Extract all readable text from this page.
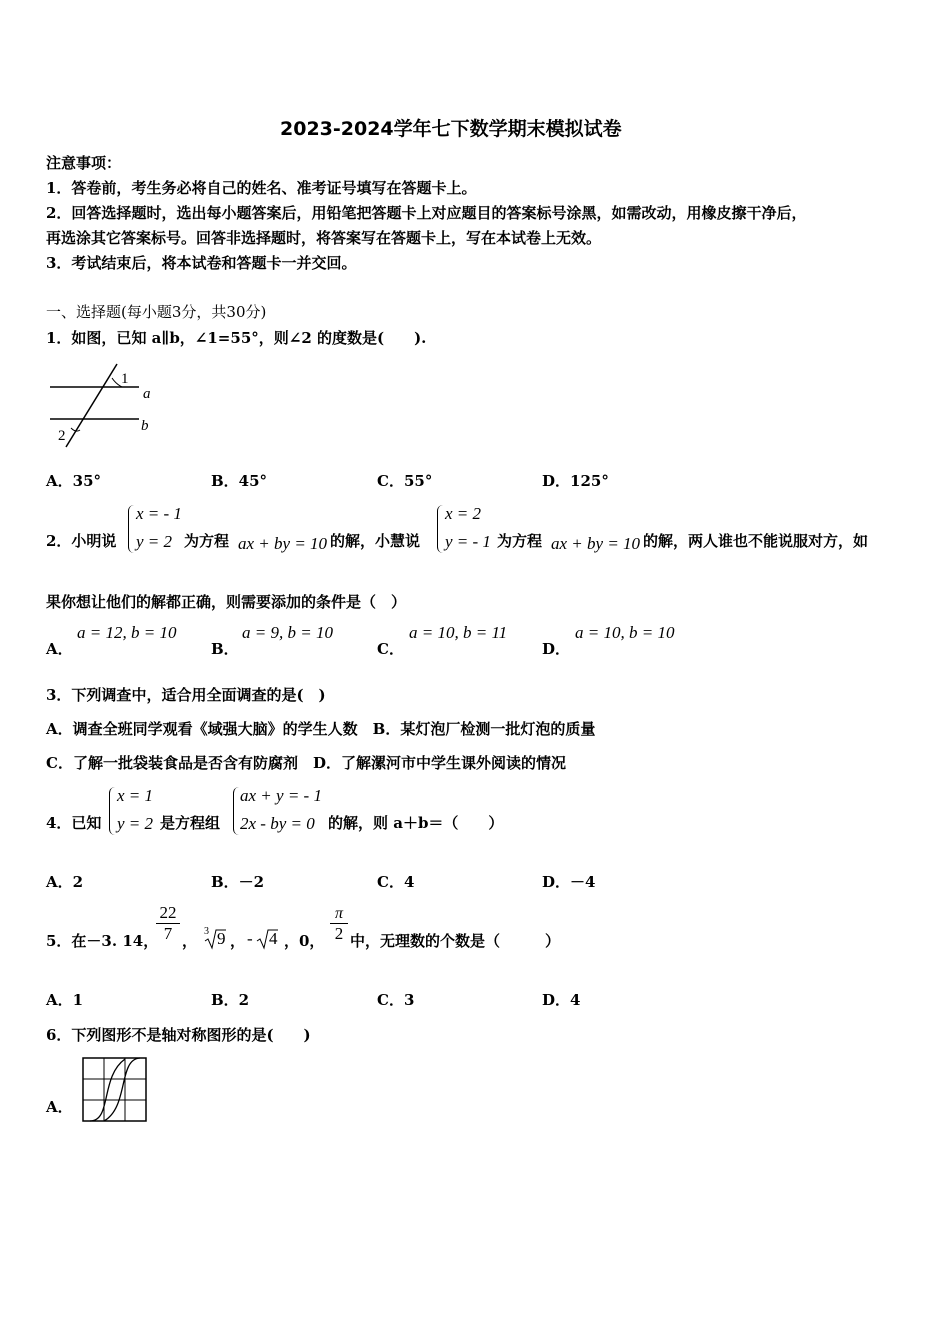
2023-2024学年七下数学期末模拟试卷
注意事项：
1．答卷前，考生务必将自己的姓名、准考证号填写在答题卡上。
2．回答选择题时，选出每小题答案后，用铅笔把答题卡上对应题目的答案标号涂黑，如需改动，用橡皮擦干净后，
再选涂其它答案标号。回答非选择题时，将答案写在答题卡上，写在本试卷上无效。
3．考试结束后，将本试卷和答题卡一并交回。
一、选择题(每小题3分，共30分)
1．如图，已知 a∥b，∠1=55°，则∠2 的度数是(　　).
1
2
a
b
A．35°	B．45°	C．55°	D．125°
2．小明说
x = - 1
y = 2 为方程 ax + by = 10 的解，小慧说
x = 2
y = - 1 为方程 ax + by = 10 的解，两人谁也不能说服对方，如
果你想让他们的解都正确，则需要添加的条件是（　）
A．
a = 12, b = 10
B．
a = 9, b = 10
C．
a = 10, b = 11
D．
a = 10, b = 10
3．下列调查中，适合用全面调查的是(　)
A．调查全班同学观看《域强大脑》的学生人数　B．某灯泡厂检测一批灯泡的质量
C．了解一批袋装食品是否含有防腐剂　D．了解漯河市中学生课外阅读的情况
4．已知
x = 1
y = 2 是方程组
ax + y = - 1
2x - by = 0 的解，则 a＋b＝（　　）
A．2	B．－2	C．4	D．－4
5．在－3. 14，
$\frac{22}{7}$ ，
3 9 ， - 4 ，0， $\frac{\pi}{2}$ 中，无理数的个数是（　　　）
A．1	B．2	C．3	D．4
6．下列图形不是轴对称图形的是(　　)
A．
